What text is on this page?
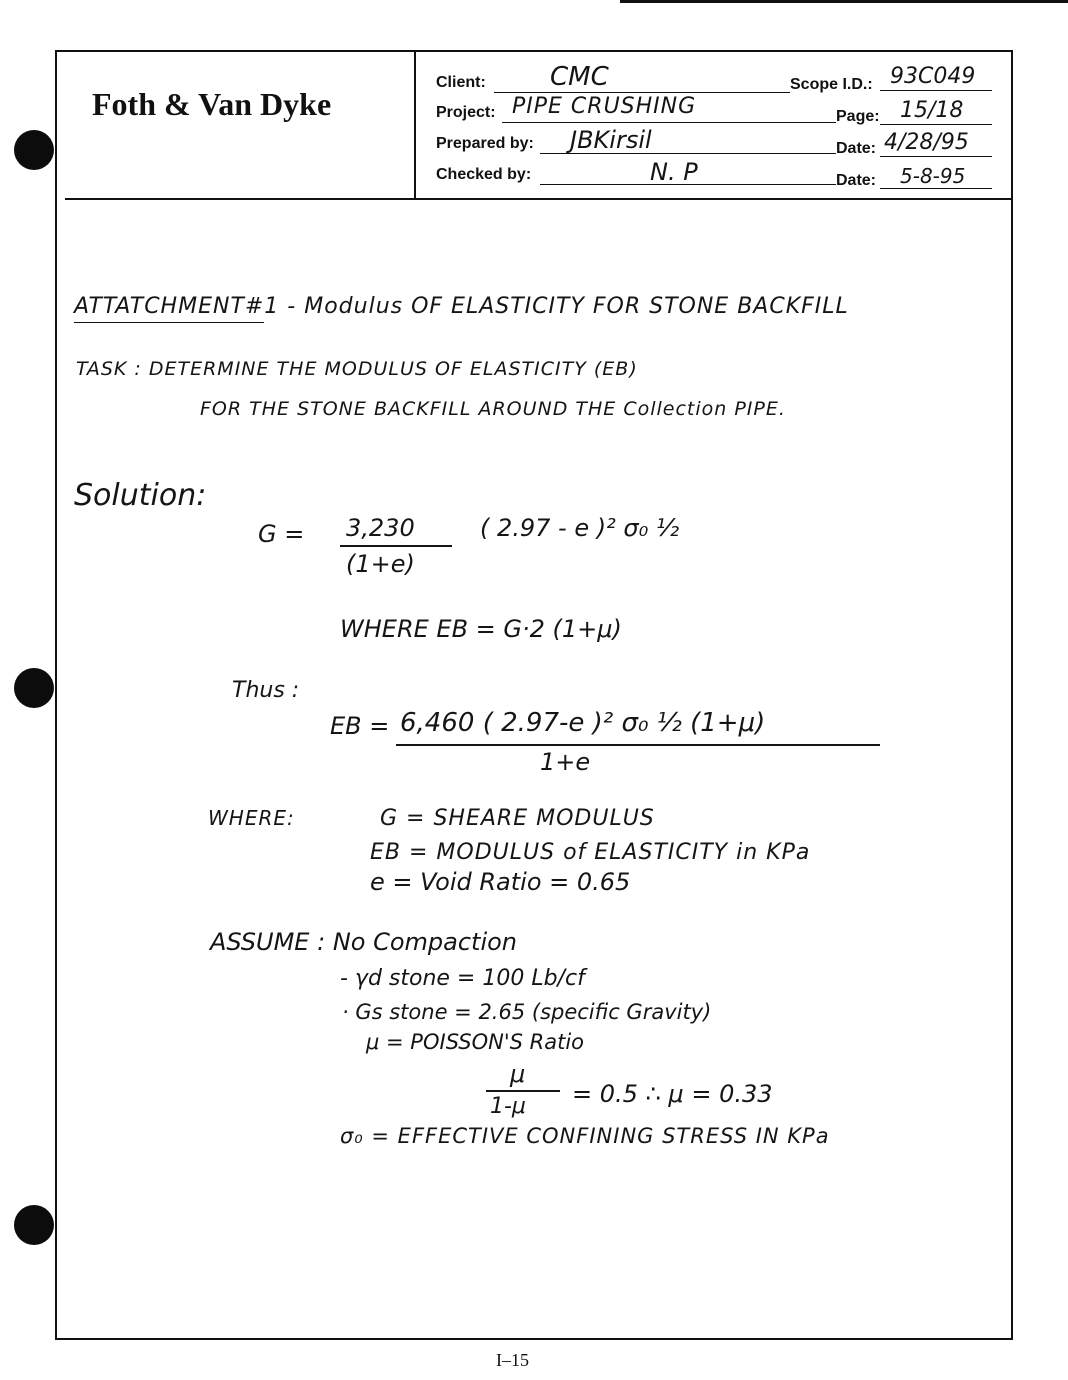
Foth & Van Dyke
Client:
Project:
Prepared by:
Checked by:
Scope I.D.:
Page:
Date:
Date:
CMC
PIPE CRUSHING
JBKirsil
N. P
93C049
15/18
4/28/95
5-8-95
ATTATCHMENT#1 - Modulus OF ELASTICITY FOR STONE BACKFILL
TASK : DETERMINE THE MODULUS OF ELASTICITY (EB)
FOR THE STONE BACKFILL AROUND THE Collection PIPE.
Solution:
G = 3,230
(1+e)
( 2.97 - e )² σ₀ ½
WHERE EB = G·2 (1+μ)
Thus :
EB = 6,460 ( 2.97-e )² σ₀ ½ (1+μ)
1+e
WHERE:	G = SHEARE MODULUS
EB = MODULUS of ELASTICITY in KPa
e = Void Ratio = 0.65
ASSUME : No Compaction
- γd stone = 100 Lb/cf
· Gs stone = 2.65 (specific Gravity)
μ = POISSON'S Ratio
μ
1-μ = 0.5 ∴ μ = 0.33
σ₀ = EFFECTIVE CONFINING STRESS IN KPa
I–15
